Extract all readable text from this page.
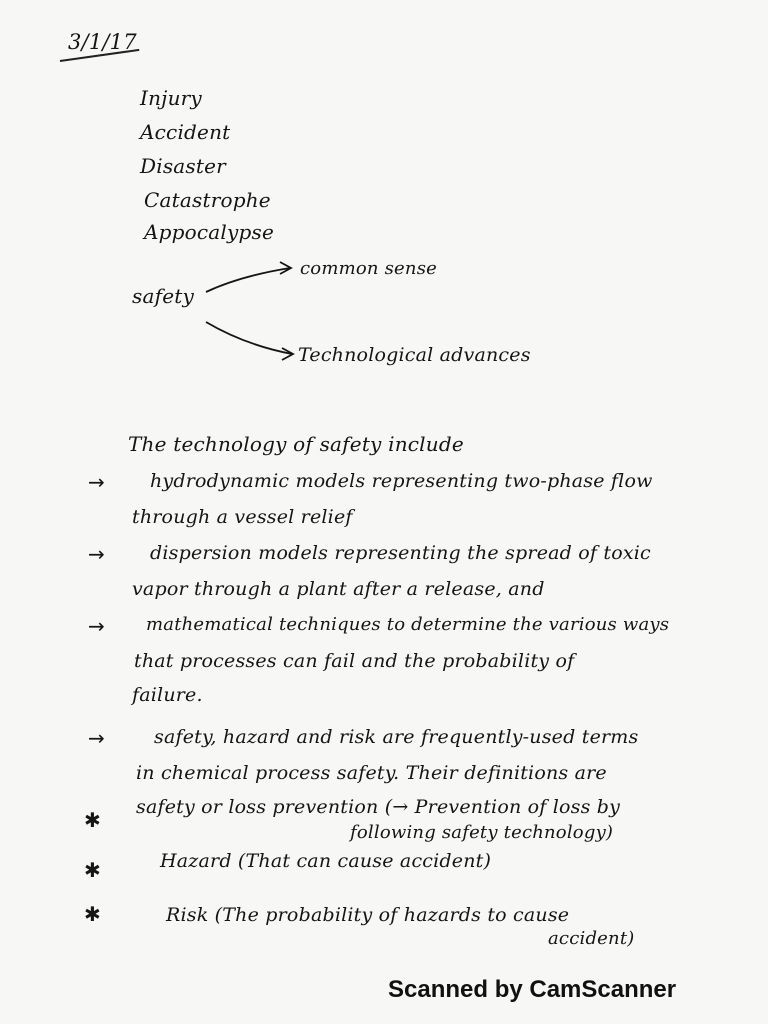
3/1/17
Injury
Accident
Disaster
Catastrophe
Appocalypse
safety
common sense
Technological advances
The technology of safety include
→ hydrodynamic models representing two-phase flow
through a vessel relief
→ dispersion models representing the spread of toxic
vapor through a plant after a release, and
→ mathematical techniques to determine the various ways
that processes can fail and the probability of
failure.
→	safety, hazard and risk are frequently-used terms
in chemical process safety. Their definitions are
✱
safety or loss prevention (→ Prevention of loss by
following safety technology)
✱	Hazard (That can cause accident)
✱	Risk (The probability of hazards to cause
accident)
Scanned by CamScanner
